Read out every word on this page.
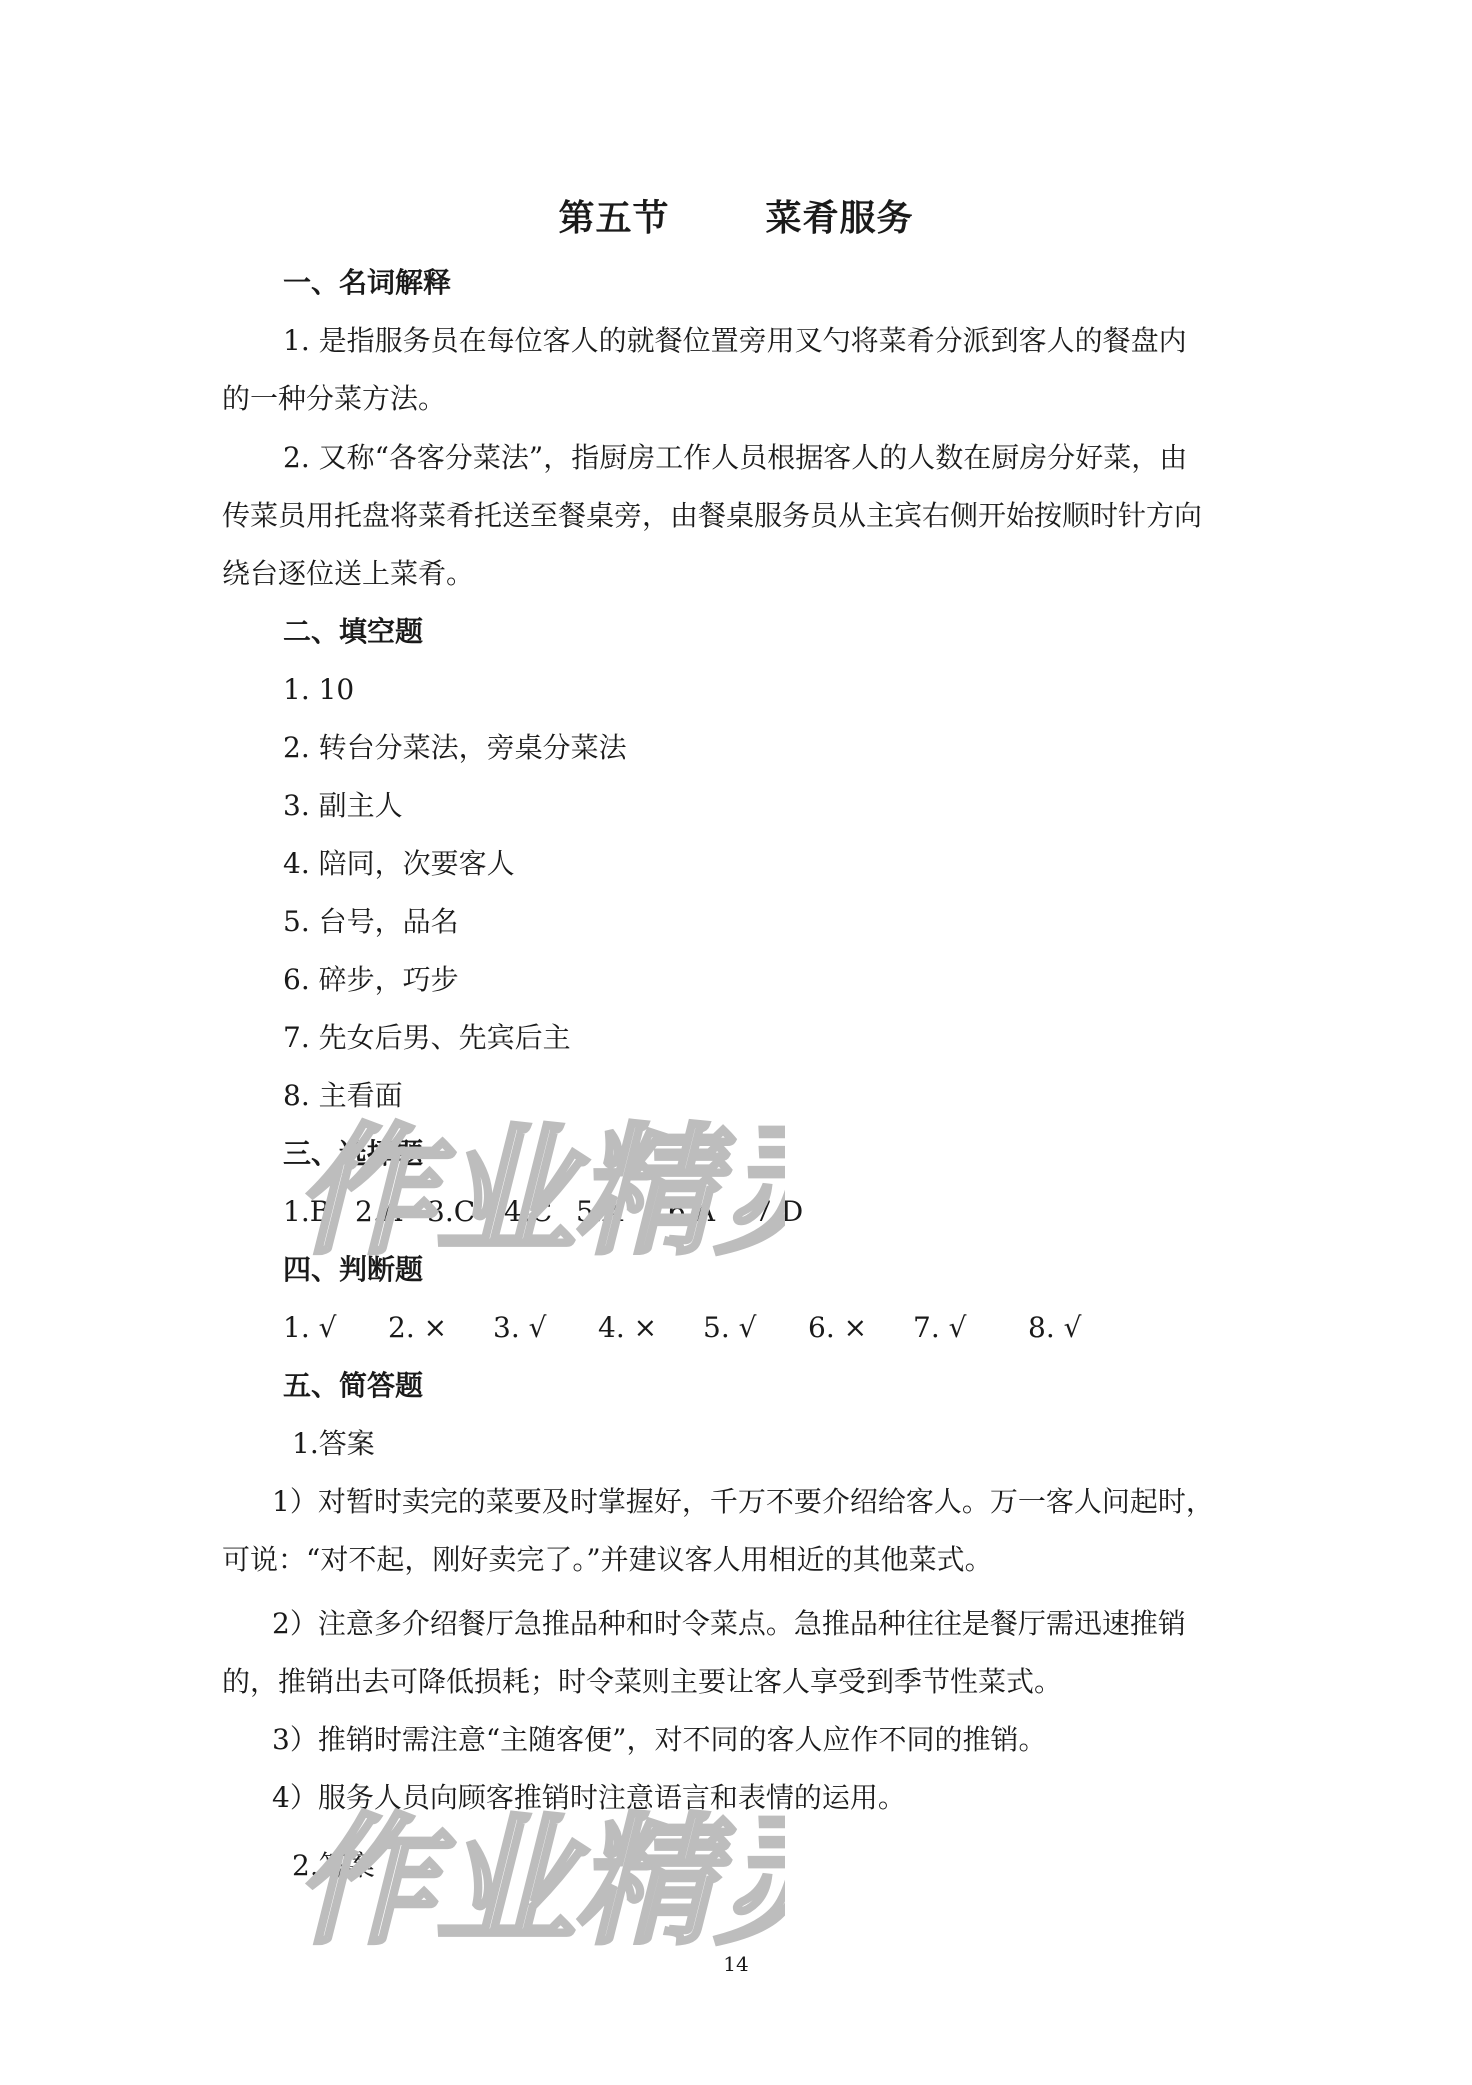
第五节	菜肴服务
一、名词解释
1. 是指服务员在每位客人的就餐位置旁用叉勺将菜肴分派到客人的餐盘内
的一种分菜方法。
2. 又称“各客分菜法”，指厨房工作人员根据客人的人数在厨房分好菜，由
传菜员用托盘将菜肴托送至餐桌旁，由餐桌服务员从主宾右侧开始按顺时针方向
绕台逐位送上菜肴。
二、填空题
1. 10
2. 转台分菜法，旁桌分菜法
3. 副主人
4. 陪同，次要客人
5. 台号，品名
6. 碎步，巧步
7. 先女后男、先宾后主
8. 主看面
三、选择题
1.B 2.A 3.C 4.C 5.A 6.A 7.D
四、判断题
1. √ 2. × 3. √ 4. × 5. √ 6. × 7. √ 8. √
五、简答题
1.答案
1）对暂时卖完的菜要及时掌握好，千万不要介绍给客人。万一客人问起时，
可说：“对不起，刚好卖完了。”并建议客人用相近的其他菜式。
2）注意多介绍餐厅急推品种和时令菜点。急推品种往往是餐厅需迅速推销
的，推销出去可降低损耗；时令菜则主要让客人享受到季节性菜式。
3）推销时需注意“主随客便”，对不同的客人应作不同的推销。
4）服务人员向顾客推销时注意语言和表情的运用。
2.答案
作业精
作业精 14
